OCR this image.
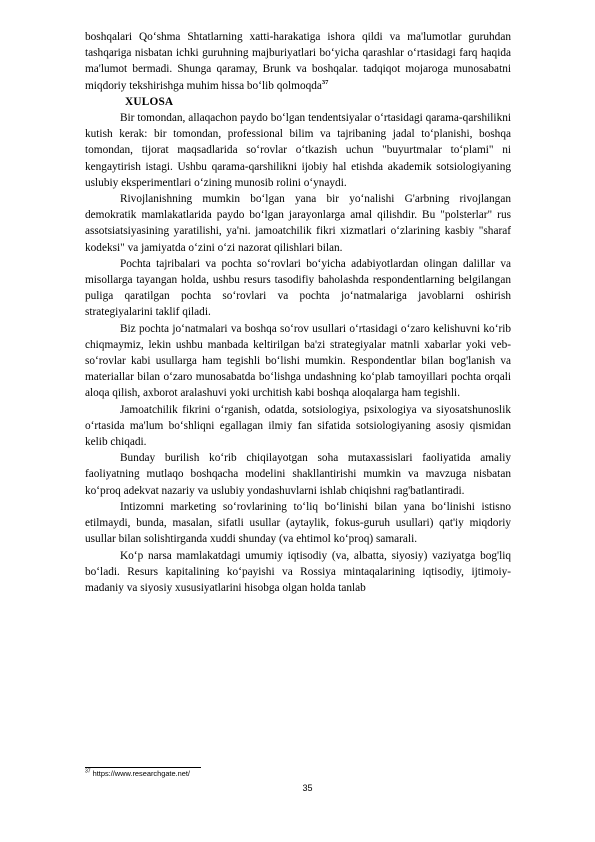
boshqalari Qo‘shma Shtatlarning xatti-harakatiga ishora qildi va ma'lumotlar guruhdan tashqariga nisbatan ichki guruhning majburiyatlari bo‘yicha qarashlar o‘rtasidagi farq haqida ma'lumot bermadi. Shunga qaramay, Brunk va boshqalar. tadqiqot mojaroga munosabatni miqdoriy tekshirishga muhim hissa bo‘lib qolmoqda$^{37}$

XULOSA

Bir tomondan, allaqachon paydo bo‘lgan tendentsiyalar o‘rtasidagi qarama-qarshilikni kutish kerak: bir tomondan, professional bilim va tajribaning jadal to‘planishi, boshqa tomondan, tijorat maqsadlarida so‘rovlar o‘tkazish uchun "buyurtmalar to‘plami" ni kengaytirish istagi. Ushbu qarama-qarshilikni ijobiy hal etishda akademik sotsiologiyaning uslubiy eksperimentlari o‘zining munosib rolini o‘ynaydi.

Rivojlanishning mumkin bo‘lgan yana bir yo‘nalishi G'arbning rivojlangan demokratik mamlakatlarida paydo bo‘lgan jarayonlarga amal qilishdir. Bu "polsterlar" rus assotsiatsiyasining yaratilishi, ya'ni. jamoatchilik fikri xizmatlari o‘zlarining kasbiy "sharaf kodeksi" va jamiyatda o‘zini o‘zi nazorat qilishlari bilan.

Pochta tajribalari va pochta so‘rovlari bo‘yicha adabiyotlardan olingan dalillar va misollarga tayangan holda, ushbu resurs tasodifiy baholashda respondentlarning belgilangan puliga qaratilgan pochta so‘rovlari va pochta jo‘natmalariga javoblarni oshirish strategiyalarini taklif qiladi.

Biz pochta jo‘natmalari va boshqa so‘rov usullari o‘rtasidagi o‘zaro kelishuvni ko‘rib chiqmaymiz, lekin ushbu manbada keltirilgan ba'zi strategiyalar matnli xabarlar yoki veb-so‘rovlar kabi usullarga ham tegishli bo‘lishi mumkin. Respondentlar bilan bog'lanish va materiallar bilan o‘zaro munosabatda bo‘lishga undashning ko‘plab tamoyillari pochta orqali aloqa qilish, axborot aralashuvi yoki urchitish kabi boshqa aloqalarga ham tegishli.

Jamoatchilik fikrini o‘rganish, odatda, sotsiologiya, psixologiya va siyosatshunoslik o‘rtasida ma'lum bo‘shliqni egallagan ilmiy fan sifatida sotsiologiyaning asosiy qismidan kelib chiqadi.

Bunday burilish ko‘rib chiqilayotgan soha mutaxassislari faoliyatida amaliy faoliyatning mutlaqo boshqacha modelini shakllantirishi mumkin va mavzuga nisbatan ko‘proq adekvat nazariy va uslubiy yondashuvlarni ishlab chiqishni rag'batlantiradi.

Intizomni marketing so‘rovlarining to‘liq bo‘linishi bilan yana bo‘linishi istisno etilmaydi, bunda, masalan, sifatli usullar (aytaylik, fokus-guruh usullari) qat'iy miqdoriy usullar bilan solishtirganda xuddi shunday (va ehtimol ko‘proq) samarali.

Ko‘p narsa mamlakatdagi umumiy iqtisodiy (va, albatta, siyosiy) vaziyatga bog'liq bo‘ladi. Resurs kapitalining ko‘payishi va Rossiya mintaqalarining iqtisodiy, ijtimoiy-madaniy va siyosiy xususiyatlarini hisobga olgan holda tanlab

$^{37}$ https://www.researchgate.net/
35
